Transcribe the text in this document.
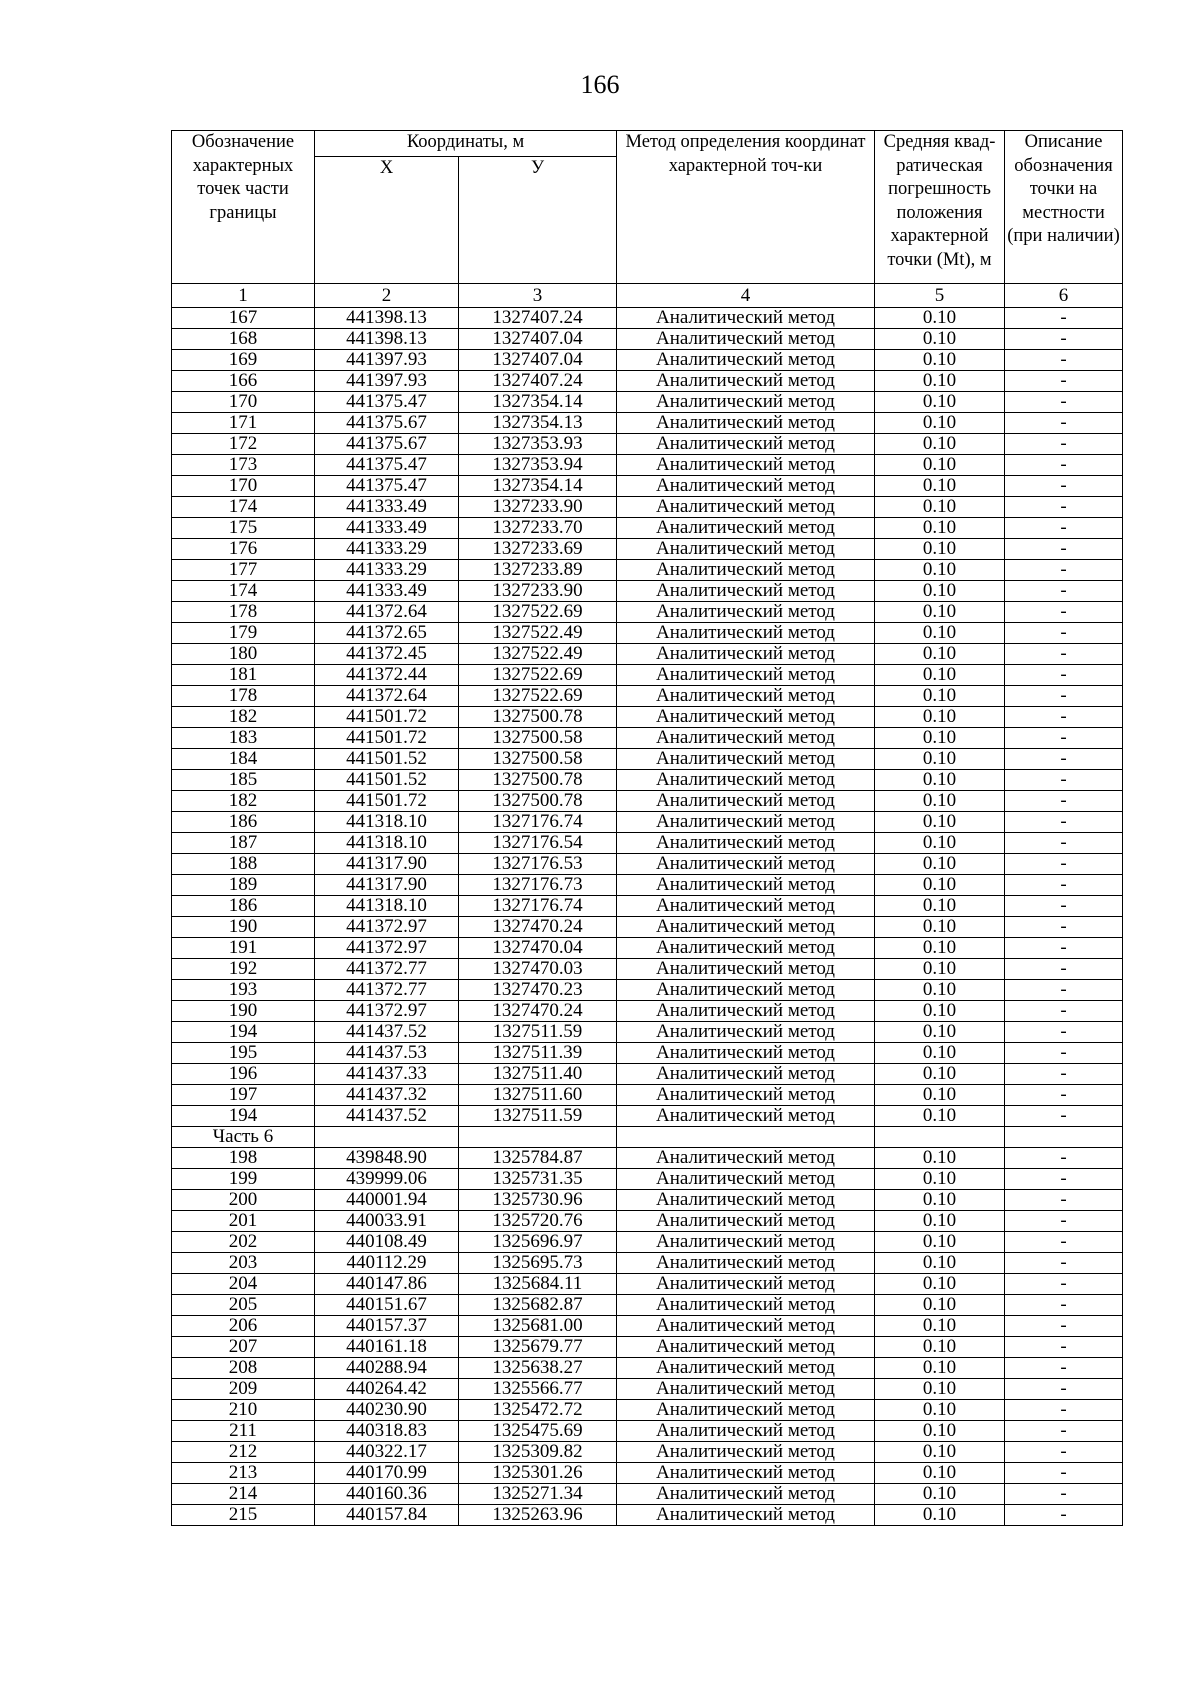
166
Обозначение характерных точек части границы	Координаты, м		Метод определения координат характерной точ-ки	Средняя квад-ратическая погрешность положения характерной точки (Mt), м	Описание обозначения точки на местности (при наличии)
	X	У			
1	2	3	4	5	6
167	441398.13	1327407.24	Аналитический метод	0.10	-
168	441398.13	1327407.04	Аналитический метод	0.10	-
169	441397.93	1327407.04	Аналитический метод	0.10	-
166	441397.93	1327407.24	Аналитический метод	0.10	-
170	441375.47	1327354.14	Аналитический метод	0.10	-
171	441375.67	1327354.13	Аналитический метод	0.10	-
172	441375.67	1327353.93	Аналитический метод	0.10	-
173	441375.47	1327353.94	Аналитический метод	0.10	-
170	441375.47	1327354.14	Аналитический метод	0.10	-
174	441333.49	1327233.90	Аналитический метод	0.10	-
175	441333.49	1327233.70	Аналитический метод	0.10	-
176	441333.29	1327233.69	Аналитический метод	0.10	-
177	441333.29	1327233.89	Аналитический метод	0.10	-
174	441333.49	1327233.90	Аналитический метод	0.10	-
178	441372.64	1327522.69	Аналитический метод	0.10	-
179	441372.65	1327522.49	Аналитический метод	0.10	-
180	441372.45	1327522.49	Аналитический метод	0.10	-
181	441372.44	1327522.69	Аналитический метод	0.10	-
178	441372.64	1327522.69	Аналитический метод	0.10	-
182	441501.72	1327500.78	Аналитический метод	0.10	-
183	441501.72	1327500.58	Аналитический метод	0.10	-
184	441501.52	1327500.58	Аналитический метод	0.10	-
185	441501.52	1327500.78	Аналитический метод	0.10	-
182	441501.72	1327500.78	Аналитический метод	0.10	-
186	441318.10	1327176.74	Аналитический метод	0.10	-
187	441318.10	1327176.54	Аналитический метод	0.10	-
188	441317.90	1327176.53	Аналитический метод	0.10	-
189	441317.90	1327176.73	Аналитический метод	0.10	-
186	441318.10	1327176.74	Аналитический метод	0.10	-
190	441372.97	1327470.24	Аналитический метод	0.10	-
191	441372.97	1327470.04	Аналитический метод	0.10	-
192	441372.77	1327470.03	Аналитический метод	0.10	-
193	441372.77	1327470.23	Аналитический метод	0.10	-
190	441372.97	1327470.24	Аналитический метод	0.10	-
194	441437.52	1327511.59	Аналитический метод	0.10	-
195	441437.53	1327511.39	Аналитический метод	0.10	-
196	441437.33	1327511.40	Аналитический метод	0.10	-
197	441437.32	1327511.60	Аналитический метод	0.10	-
194	441437.52	1327511.59	Аналитический метод	0.10	-
Часть 6					
198	439848.90	1325784.87	Аналитический метод	0.10	-
199	439999.06	1325731.35	Аналитический метод	0.10	-
200	440001.94	1325730.96	Аналитический метод	0.10	-
201	440033.91	1325720.76	Аналитический метод	0.10	-
202	440108.49	1325696.97	Аналитический метод	0.10	-
203	440112.29	1325695.73	Аналитический метод	0.10	-
204	440147.86	1325684.11	Аналитический метод	0.10	-
205	440151.67	1325682.87	Аналитический метод	0.10	-
206	440157.37	1325681.00	Аналитический метод	0.10	-
207	440161.18	1325679.77	Аналитический метод	0.10	-
208	440288.94	1325638.27	Аналитический метод	0.10	-
209	440264.42	1325566.77	Аналитический метод	0.10	-
210	440230.90	1325472.72	Аналитический метод	0.10	-
211	440318.83	1325475.69	Аналитический метод	0.10	-
212	440322.17	1325309.82	Аналитический метод	0.10	-
213	440170.99	1325301.26	Аналитический метод	0.10	-
214	440160.36	1325271.34	Аналитический метод	0.10	-
215	440157.84	1325263.96	Аналитический метод	0.10	-
